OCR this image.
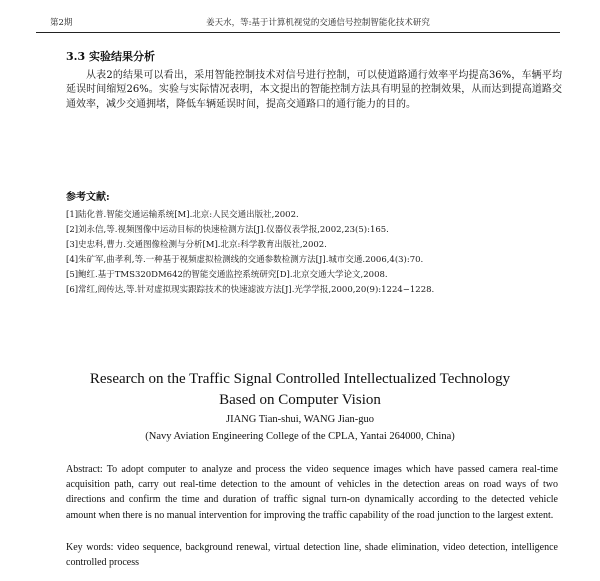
第2期	姜天水，等:基于计算机视觉的交通信号控制智能化技术研究
3.3 实验结果分析
从表2的结果可以看出，采用智能控制技术对信号进行控制，可以使道路通行效率平均提高36%，车辆平均延误时间缩短26%。实验与实际情况表明，本文提出的智能控制方法具有明显的控制效果，从而达到提高道路交通效率，减少交通拥堵，降低车辆延误时间，提高交通路口的通行能力的目的。
参考文献:
[1]陆化普.智能交通运输系统[M].北京:人民交通出版社,2002.
[2]刘永信,等.视频图像中运动目标的快速检测方法[J].仪器仪表学报,2002,23(5):165.
[3]史忠科,曹力.交通图像检测与分析[M].北京:科学教育出版社,2002.
[4]朱矿军,曲孝利,等.一种基于视频虚拟检测线的交通参数检测方法[J].城市交通.2006,4(3):70.
[5]鲍红.基于TMS320DM642的智能交通监控系统研究[D].北京交通大学论文,2008.
[6]常红,阎传达,等.针对虚拟现实跟踪技术的快速滤波方法[J].光学学报,2000,20(9):1224−1228.
Research on the Traffic Signal Controlled Intellectualized Technology
Based on Computer Vision
JIANG Tian-shui, WANG Jian-guo
(Navy Aviation Engineering College of the CPLA, Yantai 264000, China)
Abstract: To adopt computer to analyze and process the video sequence images which have passed camera real-time acquisition path, carry out real-time detection to the amount of vehicles in the detection areas on road ways of two directions and confirm the time and duration of traffic signal turn-on dynamically according to the detected vehicle amount when there is no manual intervention for improving the traffic capability of the road junction to the largest extent.
Key words: video sequence, background renewal, virtual detection line, shade elimination, video detection, intelligence controlled process
